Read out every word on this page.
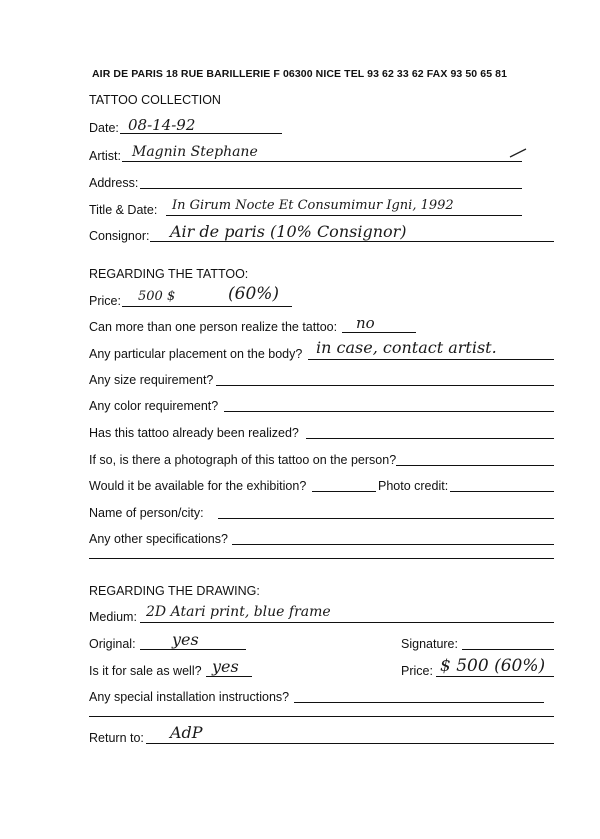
AIR DE PARIS 18 RUE BARILLERIE F 06300 NICE TEL 93 62 33 62 FAX 93 50 65 81
TATTOO COLLECTION
Date: 08-14-92
Artist: Magnin Stephane
Address:
Title & Date: In Girum Nocte Et Consumimur Igni, 1992
Consignor: Air de paris (10% Consignor)
REGARDING THE TATTOO:
Price: 500 $	(60%)
Can more than one person realize the tattoo: no
Any particular placement on the body? in case, contact artist.
Any size requirement?
Any color requirement?
Has this tattoo already been realized?
If so, is there a photograph of this tattoo on the person?
Would it be available for the exhibition?	Photo credit:
Name of person/city:
Any other specifications?
REGARDING THE DRAWING:
Medium: 2D Atari print, blue frame
Original: yes	Signature:
Is it for sale as well? yes	Price: $ 500 (60%)
Any special installation instructions?
Return to: AdP
